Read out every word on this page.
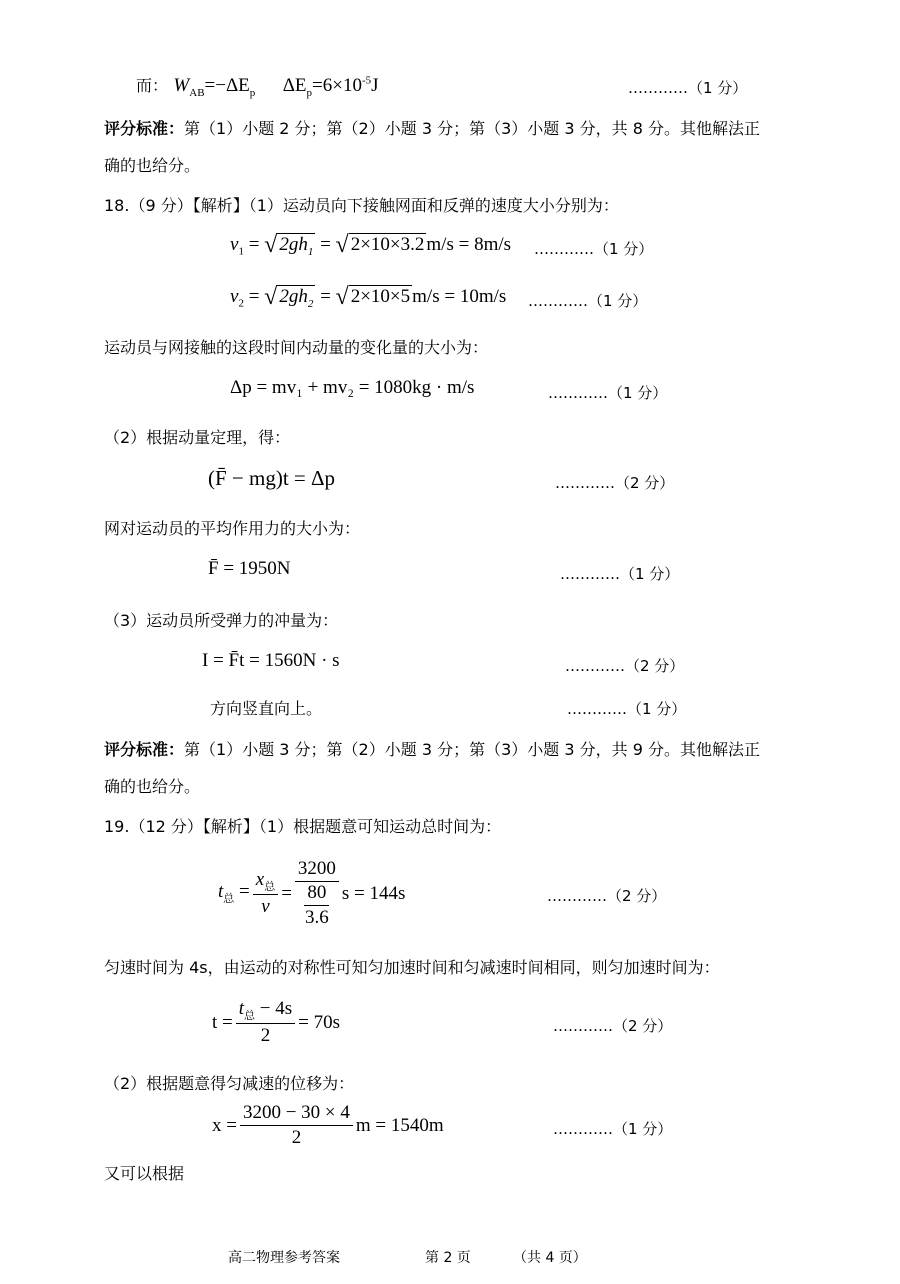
而： $W_{AB}=-\Delta E_p$ $\Delta E_p=6\times 10^{-5}J$	…………（1 分）
评分标准：第（1）小题 2 分；第（2）小题 3 分；第（3）小题 3 分，共 8 分。其他解法正
确的也给分。
18.（9 分）【解析】（1）运动员向下接触网面和反弹的速度大小分别为：
$v_1$ = √ $2gh_1$ = √ 2×10×3.2 m/s = 8m/s …………（1 分）
$v_2$ = √ $2gh_2$ = √ 2×10×5 m/s = 10m/s …………（1 分）
运动员与网接触的这段时间内动量的变化量的大小为：
Δp = mv₁ + mv₂ = 1080kg · m/s	…………（1 分）
（2）根据动量定理，得：
(F̄ − mg)t = Δp	…………（2 分）
网对运动员的平均作用力的大小为：
F̄ = 1950N	…………（1 分）
（3）运动员所受弹力的冲量为：
I = F̄t = 1560N · s	…………（2 分）
方向竖直向上。	…………（1 分）
评分标准：第（1）小题 3 分；第（2）小题 3 分；第（3）小题 3 分，共 9 分。其他解法正
确的也给分。
19.（12 分）【解析】（1）根据题意可知运动总时间为：
$t_总 = \frac{x_总}{v} = \frac{3200}{\frac{80}{3.6}}$ s = 144s	…………（2 分）
匀速时间为 4s，由运动的对称性可知匀加速时间和匀减速时间相同，则匀加速时间为：
$t = \frac{t_总 - 4s}{2} = 70s$	…………（2 分）
（2）根据题意得匀减速的位移为：
$x = \frac{3200 - 30 \times 4}{2}$ m = 1540m	…………（1 分）
又可以根据
高二物理参考答案	第 2 页	（共 4 页）
